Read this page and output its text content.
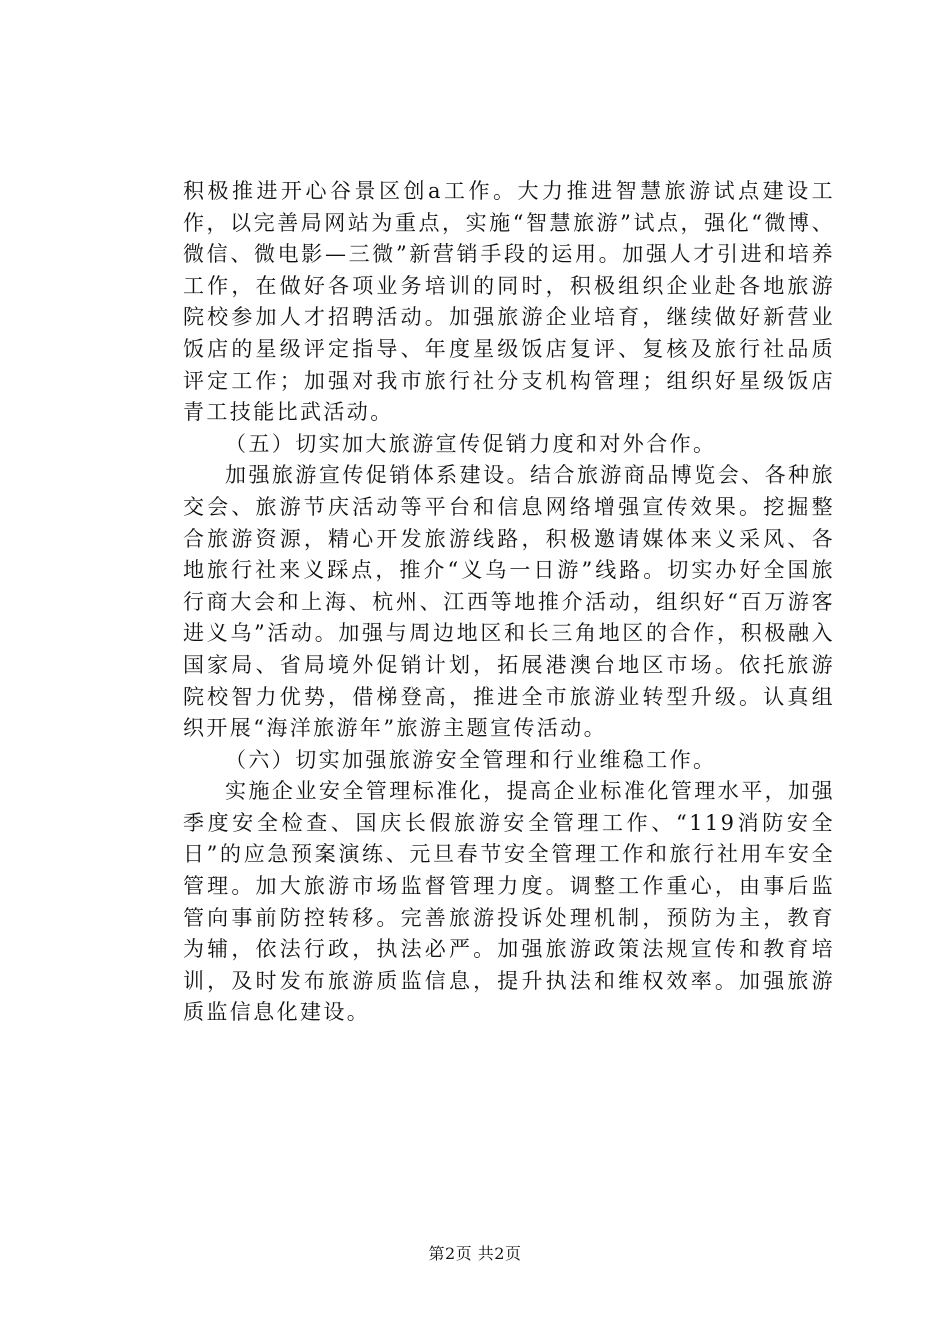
积极推进开心谷景区创a工作。大力推进智慧旅游试点建设工作，以完善局网站为重点，实施“智慧旅游”试点，强化“微博、微信、微电影—三微”新营销手段的运用。加强人才引进和培养工作，在做好各项业务培训的同时，积极组织企业赴各地旅游院校参加人才招聘活动。加强旅游企业培育，继续做好新营业饭店的星级评定指导、年度星级饭店复评、复核及旅行社品质评定工作；加强对我市旅行社分支机构管理；组织好星级饭店青工技能比武活动。

（五）切实加大旅游宣传促销力度和对外合作。

加强旅游宣传促销体系建设。结合旅游商品博览会、各种旅交会、旅游节庆活动等平台和信息网络增强宣传效果。挖掘整合旅游资源，精心开发旅游线路，积极邀请媒体来义采风、各地旅行社来义踩点，推介“义乌一日游”线路。切实办好全国旅行商大会和上海、杭州、江西等地推介活动，组织好“百万游客进义乌”活动。加强与周边地区和长三角地区的合作，积极融入国家局、省局境外促销计划，拓展港澳台地区市场。依托旅游院校智力优势，借梯登高，推进全市旅游业转型升级。认真组织开展“海洋旅游年”旅游主题宣传活动。

（六）切实加强旅游安全管理和行业维稳工作。

实施企业安全管理标准化，提高企业标准化管理水平，加强季度安全检查、国庆长假旅游安全管理工作、“119消防安全日”的应急预案演练、元旦春节安全管理工作和旅行社用车安全管理。加大旅游市场监督管理力度。调整工作重心，由事后监管向事前防控转移。完善旅游投诉处理机制，预防为主，教育为辅，依法行政，执法必严。加强旅游政策法规宣传和教育培训，及时发布旅游质监信息，提升执法和维权效率。加强旅游质监信息化建设。

第2页 共2页
